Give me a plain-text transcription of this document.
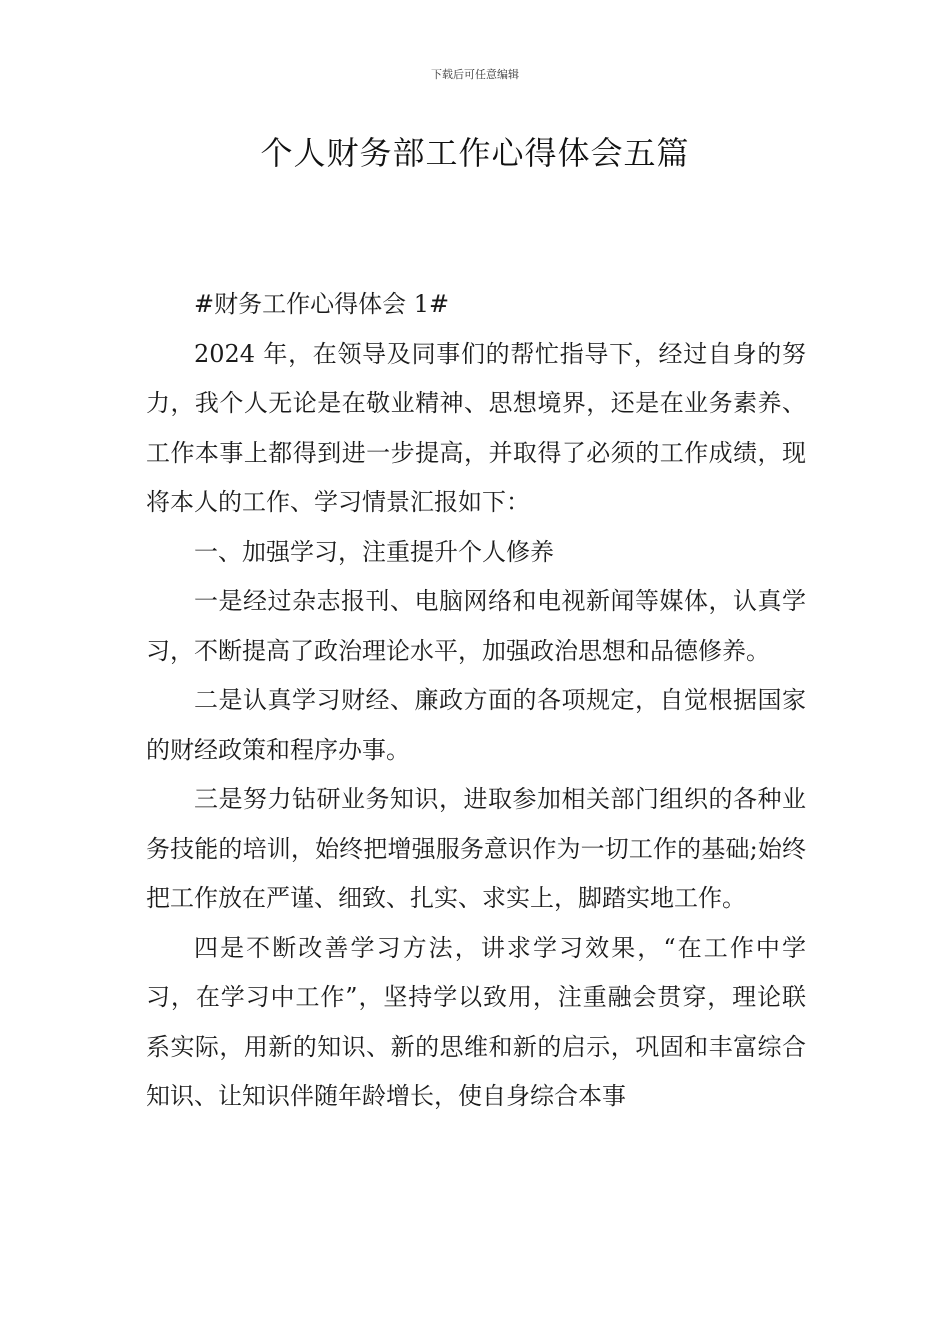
下载后可任意编辑
个人财务部工作心得体会五篇

#财务工作心得体会 1#

2024 年，在领导及同事们的帮忙指导下，经过自身的努力，我个人无论是在敬业精神、思想境界，还是在业务素养、工作本事上都得到进一步提高，并取得了必须的工作成绩，现将本人的工作、学习情景汇报如下：

一、加强学习，注重提升个人修养

一是经过杂志报刊、电脑网络和电视新闻等媒体，认真学习，不断提高了政治理论水平，加强政治思想和品德修养。

二是认真学习财经、廉政方面的各项规定，自觉根据国家的财经政策和程序办事。

三是努力钻研业务知识，进取参加相关部门组织的各种业务技能的培训，始终把增强服务意识作为一切工作的基础;始终把工作放在严谨、细致、扎实、求实上，脚踏实地工作。

四是不断改善学习方法，讲求学习效果，“在工作中学习，在学习中工作”，坚持学以致用，注重融会贯穿，理论联系实际，用新的知识、新的思维和新的启示，巩固和丰富综合知识、让知识伴随年龄增长，使自身综合本事
